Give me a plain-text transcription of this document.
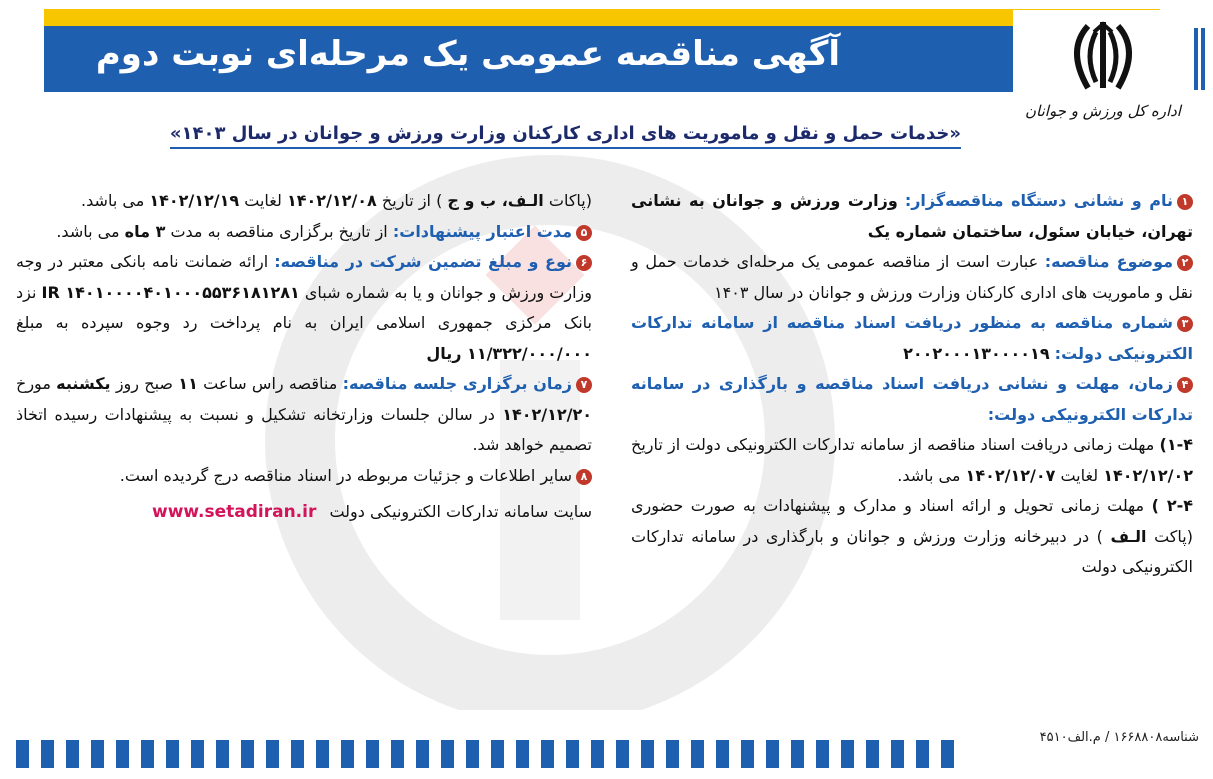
آگهی مناقصه عمومی یک مرحله‌ای نوبت دوم
اداره کل ورزش و جوانان
«خدمات حمل و نقل و ماموریت های اداری کارکنان وزارت ورزش و جوانان در سال ۱۴۰۳»
۱نام و نشانی دستگاه مناقصه‌گزار: وزارت ورزش و جوانان به نشانی تهران، خیابان سئول، ساختمان شماره یک
۲موضوع مناقصه: عبارت است از مناقصه عمومی یک مرحله‌ای خدمات حمل و نقل و ماموریت های اداری کارکنان وزارت ورزش و جوانان در سال ۱۴۰۳
۳شماره مناقصه به منظور دریافت اسناد مناقصه از سامانه تدارکات الکترونیکی دولت: ۲۰۰۲۰۰۰۱۳۰۰۰۰۱۹
۴زمان، مهلت و نشانی دریافت اسناد مناقصه و بارگذاری در سامانه تدارکات الکترونیکی دولت:
۱-۴) مهلت زمانی دریافت اسناد مناقصه از سامانه تدارکات الکترونیکی دولت از تاریخ ۱۴۰۲/۱۲/۰۲ لغایت ۱۴۰۲/۱۲/۰۷ می باشد.
۲-۴ ) مهلت زمانی تحویل و ارائه اسناد و مدارک و پیشنهادات به صورت حضوری (پاکت الـف ) در دبیرخانه وزارت ورزش و جوانان و بارگذاری در سامانه تدارکات الکترونیکی دولت
(پاکات الـف، ب و ج ) از تاریخ ۱۴۰۲/۱۲/۰۸ لغایت ۱۴۰۲/۱۲/۱۹ می باشد.
۵مدت اعتبار پیشنهادات: از تاریخ برگزاری مناقصه به مدت ۳ ماه می باشد.
۶نوع و مبلغ تضمین شرکت در مناقصه: ارائه ضمانت نامه بانکی معتبر در وجه وزارت ورزش و جوانان و یا به شماره شبای IR ۱۴۰۱۰۰۰۰۴۰۱۰۰۰۵۵۳۶۱۸۱۲۸۱ نزد بانک مرکزی جمهوری اسلامی ایران به نام پرداخت رد وجوه سپرده به مبلغ ۱۱/۳۲۲/۰۰۰/۰۰۰ ریال
۷زمان برگزاری جلسه مناقصه: مناقصه راس ساعت ۱۱ صبح روز یکشنبه مورخ ۱۴۰۲/۱۲/۲۰ در سالن جلسات وزارتخانه تشکیل و نسبت به پیشنهادات رسیده اتخاذ تصمیم خواهد شد.
۸سایر اطلاعات و جزئیات مربوطه در اسناد مناقصه درج گردیده است.
سایت سامانه تدارکات الکترونیکی دولت www.setadiran.ir
شناسه۱۶۶۸۸۰۸ / م.الف۴۵۱۰
